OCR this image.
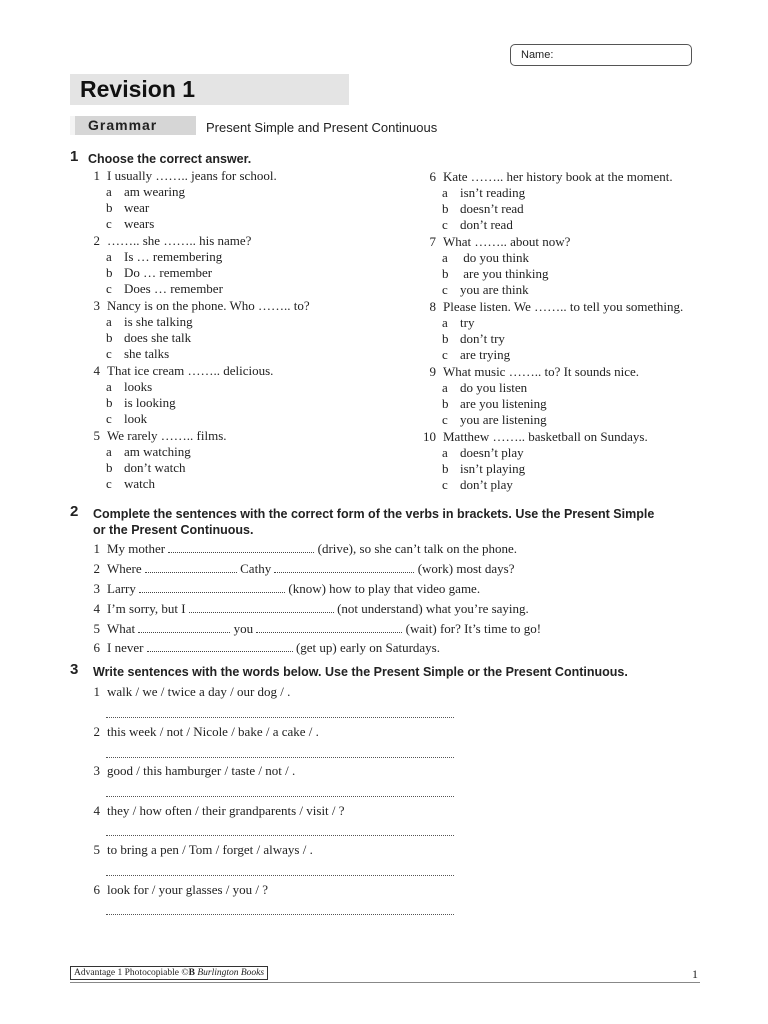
Name:
Revision 1
Grammar	Present Simple and Present Continuous
1 Choose the correct answer.
1 I usually …….. jeans for school.
a am wearing
b wear
c wears
2 …….. she …….. his name?
a Is … remembering
b Do … remember
c Does … remember
3 Nancy is on the phone. Who …….. to?
a is she talking
b does she talk
c she talks
4 That ice cream …….. delicious.
a looks
b is looking
c look
5 We rarely …….. films.
a am watching
b don’t watch
c watch
6 Kate …….. her history book at the moment.
a isn’t reading
b doesn’t read
c don’t read
7 What …….. about now?
a do you think
b are you thinking
c you are think
8 Please listen. We …….. to tell you something.
a try
b don’t try
c are trying
9 What music …….. to? It sounds nice.
a do you listen
b are you listening
c you are listening
10 Matthew …….. basketball on Sundays.
a doesn’t play
b isn’t playing
c don’t play
2 Complete the sentences with the correct form of the verbs in brackets. Use the Present Simple
or the Present Continuous.
1 My mother	(drive), so she can’t talk on the phone.
2 Where	Cathy	(work) most days?
3 Larry	(know) how to play that video game.
4 I’m sorry, but I	(not understand) what you’re saying.
5 What	you	(wait) for? It’s time to go!
6 I never	(get up) early on Saturdays.
3 Write sentences with the words below. Use the Present Simple or the Present Continuous.
1 walk / we / twice a day / our dog / .
2 this week / not / Nicole / bake / a cake / .
3 good / this hamburger / taste / not / .
4 they / how often / their grandparents / visit / ?
5 to bring a pen / Tom / forget / always / .
6 look for / your glasses / you / ?
Advantage 1 Photocopiable ©B Burlington Books	1
